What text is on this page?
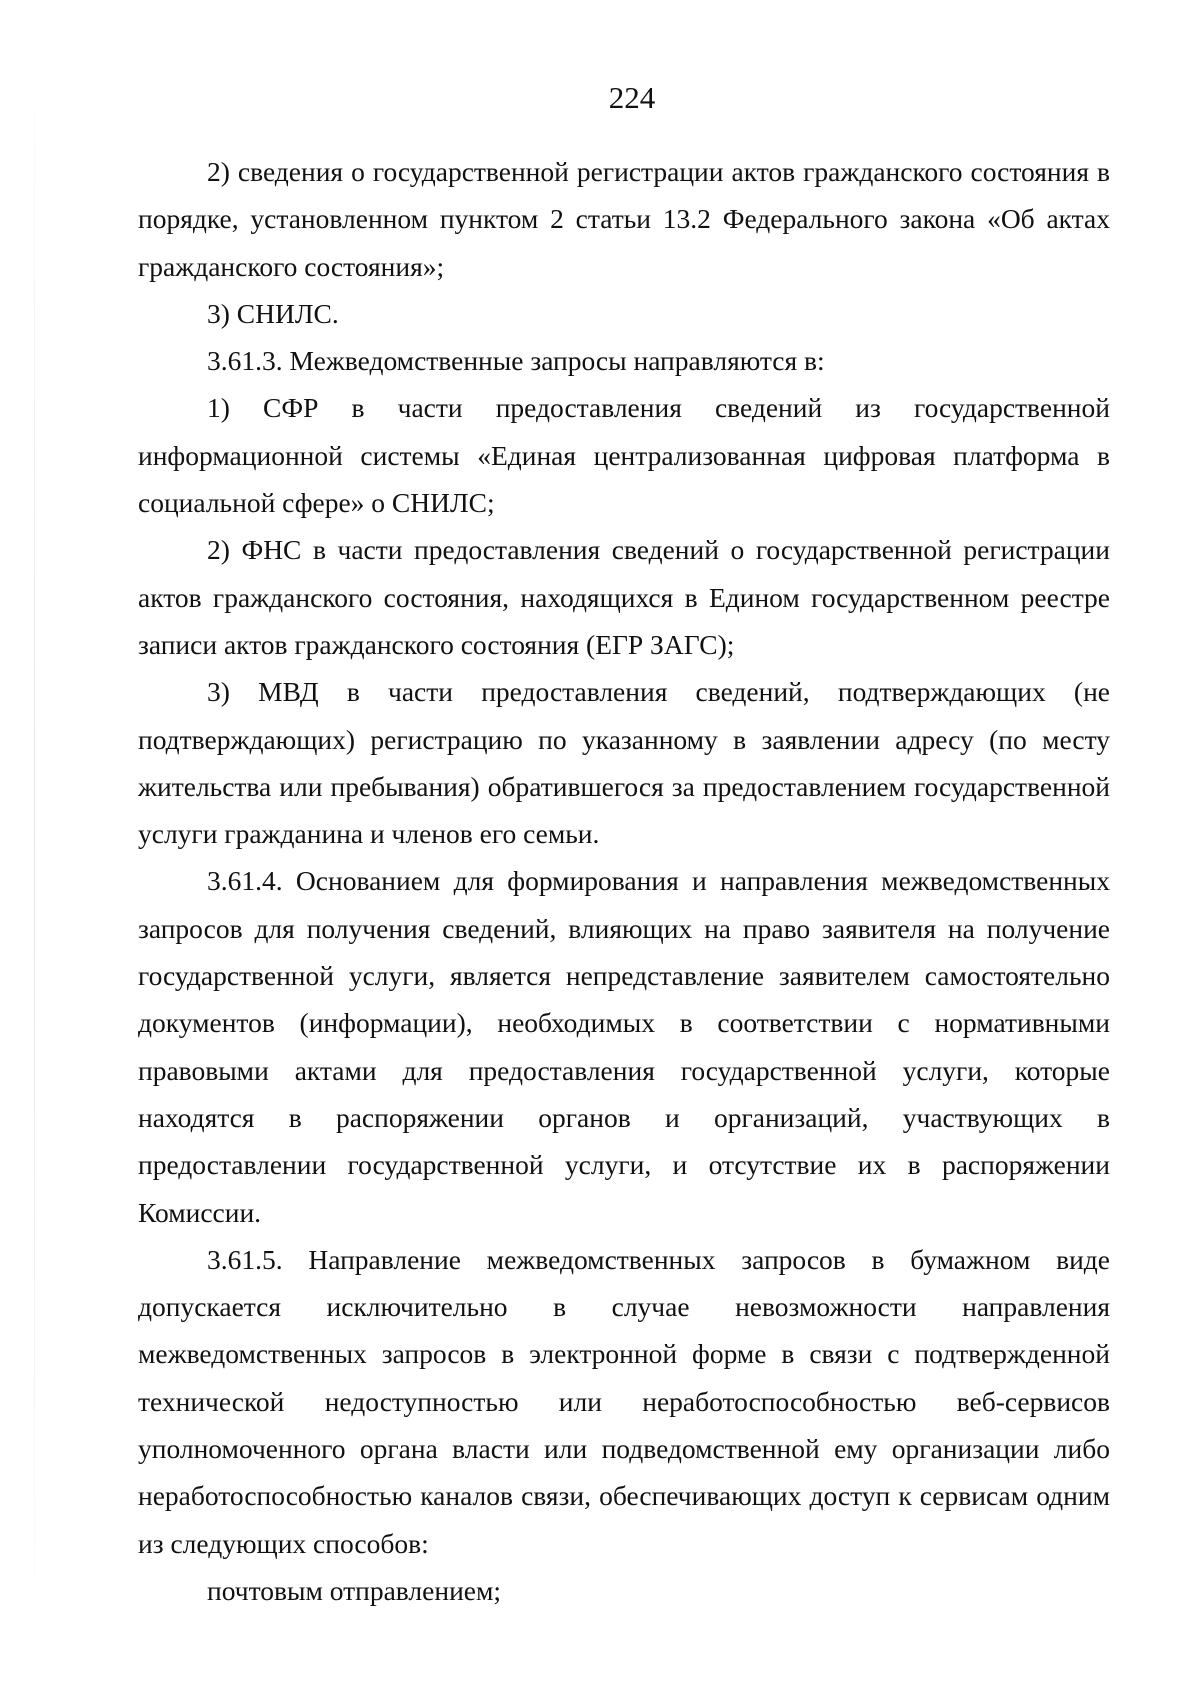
224

2) сведения о государственной регистрации актов гражданского состояния в порядке, установленном пунктом 2 статьи 13.2 Федерального закона «Об актах гражданского состояния»;

3) СНИЛС.

3.61.3. Межведомственные запросы направляются в:

1) СФР в части предоставления сведений из государственной информационной системы «Единая централизованная цифровая платформа в социальной сфере» о СНИЛС;

2) ФНС в части предоставления сведений о государственной регистрации актов гражданского состояния, находящихся в Едином государственном реестре записи актов гражданского состояния (ЕГР ЗАГС);

3) МВД в части предоставления сведений, подтверждающих (не подтверждающих) регистрацию по указанному в заявлении адресу (по месту жительства или пребывания) обратившегося за предоставлением государственной услуги гражданина и членов его семьи.

3.61.4. Основанием для формирования и направления межведомственных запросов для получения сведений, влияющих на право заявителя на получение государственной услуги, является непредставление заявителем самостоятельно документов (информации), необходимых в соответствии с нормативными правовыми актами для предоставления государственной услуги, которые находятся в распоряжении органов и организаций, участвующих в предоставлении государственной услуги, и отсутствие их в распоряжении Комиссии.

3.61.5. Направление межведомственных запросов в бумажном виде допускается исключительно в случае невозможности направления межведомственных запросов в электронной форме в связи с подтвержденной технической недоступностью или неработоспособностью веб-сервисов уполномоченного органа власти или подведомственной ему организации либо неработоспособностью каналов связи, обеспечивающих доступ к сервисам одним из следующих способов:

почтовым отправлением;
